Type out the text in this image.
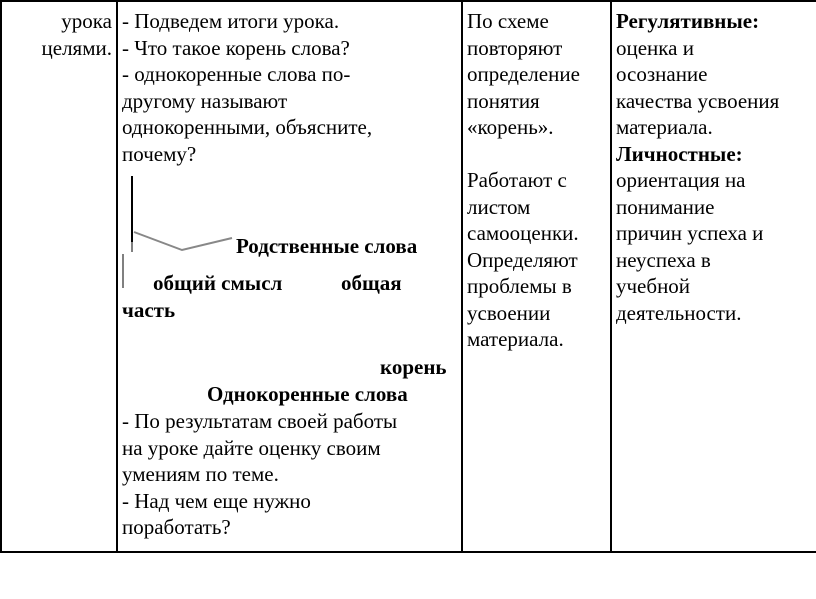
урока
целями.
- Подведем итоги урока.
- Что такое корень слова?
- однокоренные слова по-
другому называют
однокоренными, объясните,
почему?
Родственные слова
общий смысл	общая
часть
корень
Однокоренные слова
- По результатам своей работы
на уроке дайте оценку своим
умениям по теме.
- Над чем еще нужно
поработать?
По схеме
повторяют
определение
понятия
«корень».
Работают с
листом
самооценки.
Определяют
проблемы в
усвоении
материала.
Регулятивные:
оценка и
осознание
качества усвоения
материала.
Личностные:
ориентация на
понимание
причин успеха и
неуспеха в
учебной
деятельности.
